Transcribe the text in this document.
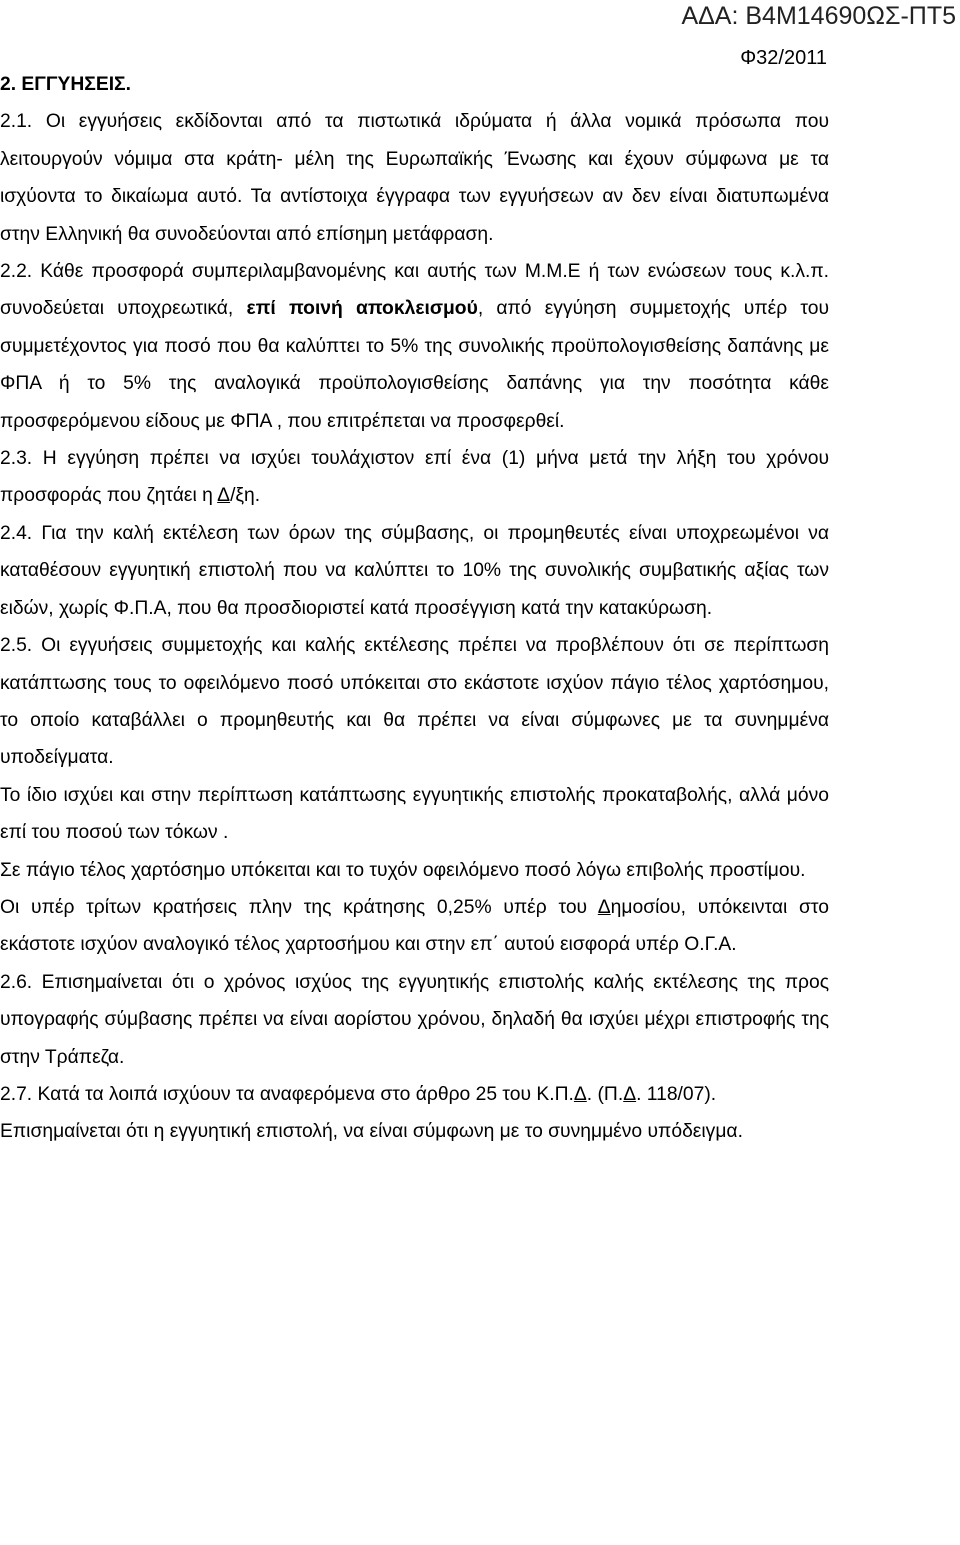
ΑΔΑ: Β4Μ14690ΩΣ-ΠΤ5
Φ32/2011

2. ΕΓΓΥΗΣΕΙΣ.

2.1. Οι εγγυήσεις εκδίδονται από τα πιστωτικά ιδρύματα ή άλλα νομικά πρόσωπα που λειτουργούν νόμιμα στα κράτη- μέλη της Ευρωπαϊκής Ένωσης και έχουν σύμφωνα με τα ισχύοντα το δικαίωμα αυτό. Τα αντίστοιχα έγγραφα των εγγυήσεων αν δεν είναι διατυπωμένα στην Ελληνική θα συνοδεύονται από επίσημη μετάφραση.

2.2. Κάθε προσφορά συμπεριλαμβανομένης και αυτής των Μ.Μ.Ε ή των ενώσεων τους κ.λ.π. συνοδεύεται υποχρεωτικά, επί ποινή αποκλεισμού, από εγγύηση συμμετοχής υπέρ του συμμετέχοντος για ποσό που θα καλύπτει το 5% της συνολικής προϋπολογισθείσης δαπάνης με ΦΠΑ ή το 5% της αναλογικά προϋπολογισθείσης δαπάνης για την ποσότητα κάθε προσφερόμενου είδους με ΦΠΑ , που επιτρέπεται να προσφερθεί.

2.3. Η εγγύηση πρέπει να ισχύει τουλάχιστον επί ένα (1) μήνα μετά την λήξη του χρόνου προσφοράς που ζητάει η Δ/ξη.

2.4. Για την καλή εκτέλεση των όρων της σύμβασης, οι προμηθευτές είναι υποχρεωμένοι να καταθέσουν εγγυητική επιστολή που να καλύπτει το 10% της συνολικής συμβατικής αξίας των ειδών, χωρίς Φ.Π.Α, που θα προσδιοριστεί κατά προσέγγιση κατά την κατακύρωση.

2.5. Οι εγγυήσεις συμμετοχής και καλής εκτέλεσης πρέπει να προβλέπουν ότι σε περίπτωση κατάπτωσης τους το οφειλόμενο ποσό υπόκειται στο εκάστοτε ισχύον πάγιο τέλος χαρτόσημου, το οποίο καταβάλλει ο προμηθευτής και θα πρέπει να είναι σύμφωνες με τα συνημμένα υποδείγματα.

Το ίδιο ισχύει και στην περίπτωση κατάπτωσης εγγυητικής επιστολής προκαταβολής, αλλά μόνο επί του ποσού των τόκων .

Σε πάγιο τέλος χαρτόσημο υπόκειται και το τυχόν οφειλόμενο ποσό λόγω επιβολής προστίμου.

Οι υπέρ τρίτων κρατήσεις πλην της κράτησης 0,25% υπέρ του Δημοσίου, υπόκεινται στο εκάστοτε ισχύον αναλογικό τέλος χαρτοσήμου και στην επ΄ αυτού εισφορά υπέρ Ο.Γ.Α.

2.6. Επισημαίνεται ότι ο χρόνος ισχύος της εγγυητικής επιστολής καλής εκτέλεσης της προς υπογραφής σύμβασης πρέπει να είναι αορίστου χρόνου, δηλαδή θα ισχύει μέχρι επιστροφής της στην Τράπεζα.

2.7. Κατά τα λοιπά ισχύουν τα αναφερόμενα στο άρθρο 25 του Κ.Π.Δ. (Π.Δ. 118/07).

Επισημαίνεται ότι η εγγυητική επιστολή, να είναι σύμφωνη με το συνημμένο υπόδειγμα.
